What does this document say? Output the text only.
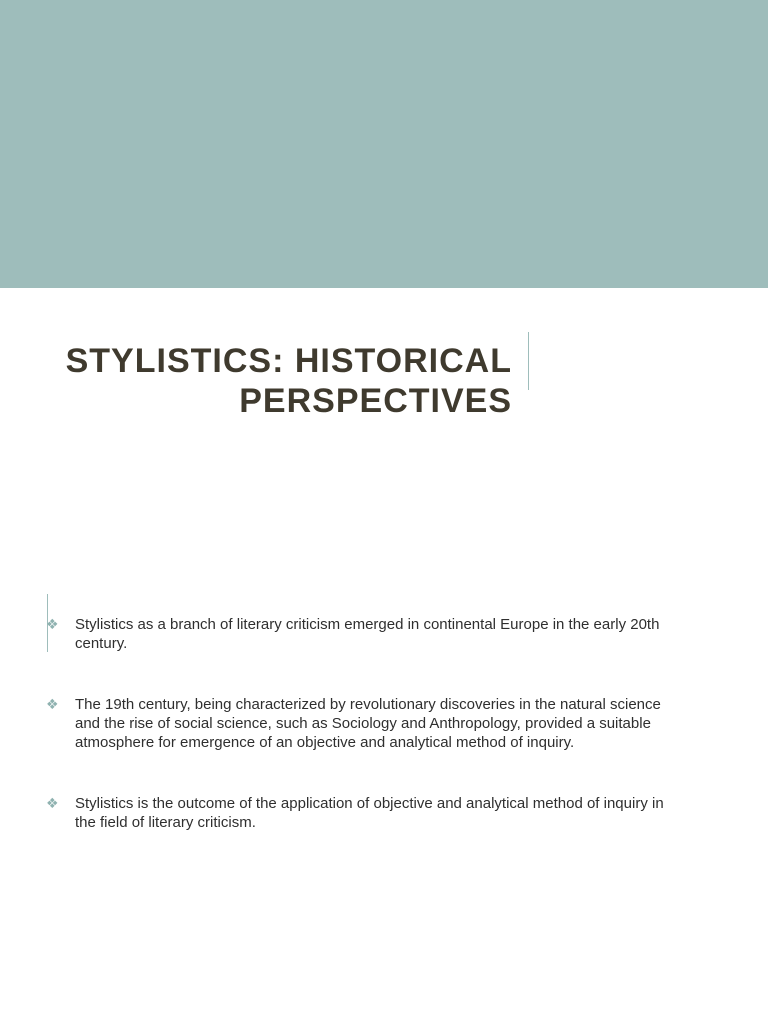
STYLISTICS: HISTORICAL
PERSPECTIVES
❖ Stylistics as a branch of literary criticism emerged in continental Europe in the early 20th century.
❖ The 19th century, being characterized by revolutionary discoveries in the natural science and the rise of social science, such as Sociology and Anthropology, provided a suitable atmosphere for emergence of an objective and analytical method of inquiry.
❖ Stylistics is the outcome of the application of objective and analytical method of inquiry in the field of literary criticism.
